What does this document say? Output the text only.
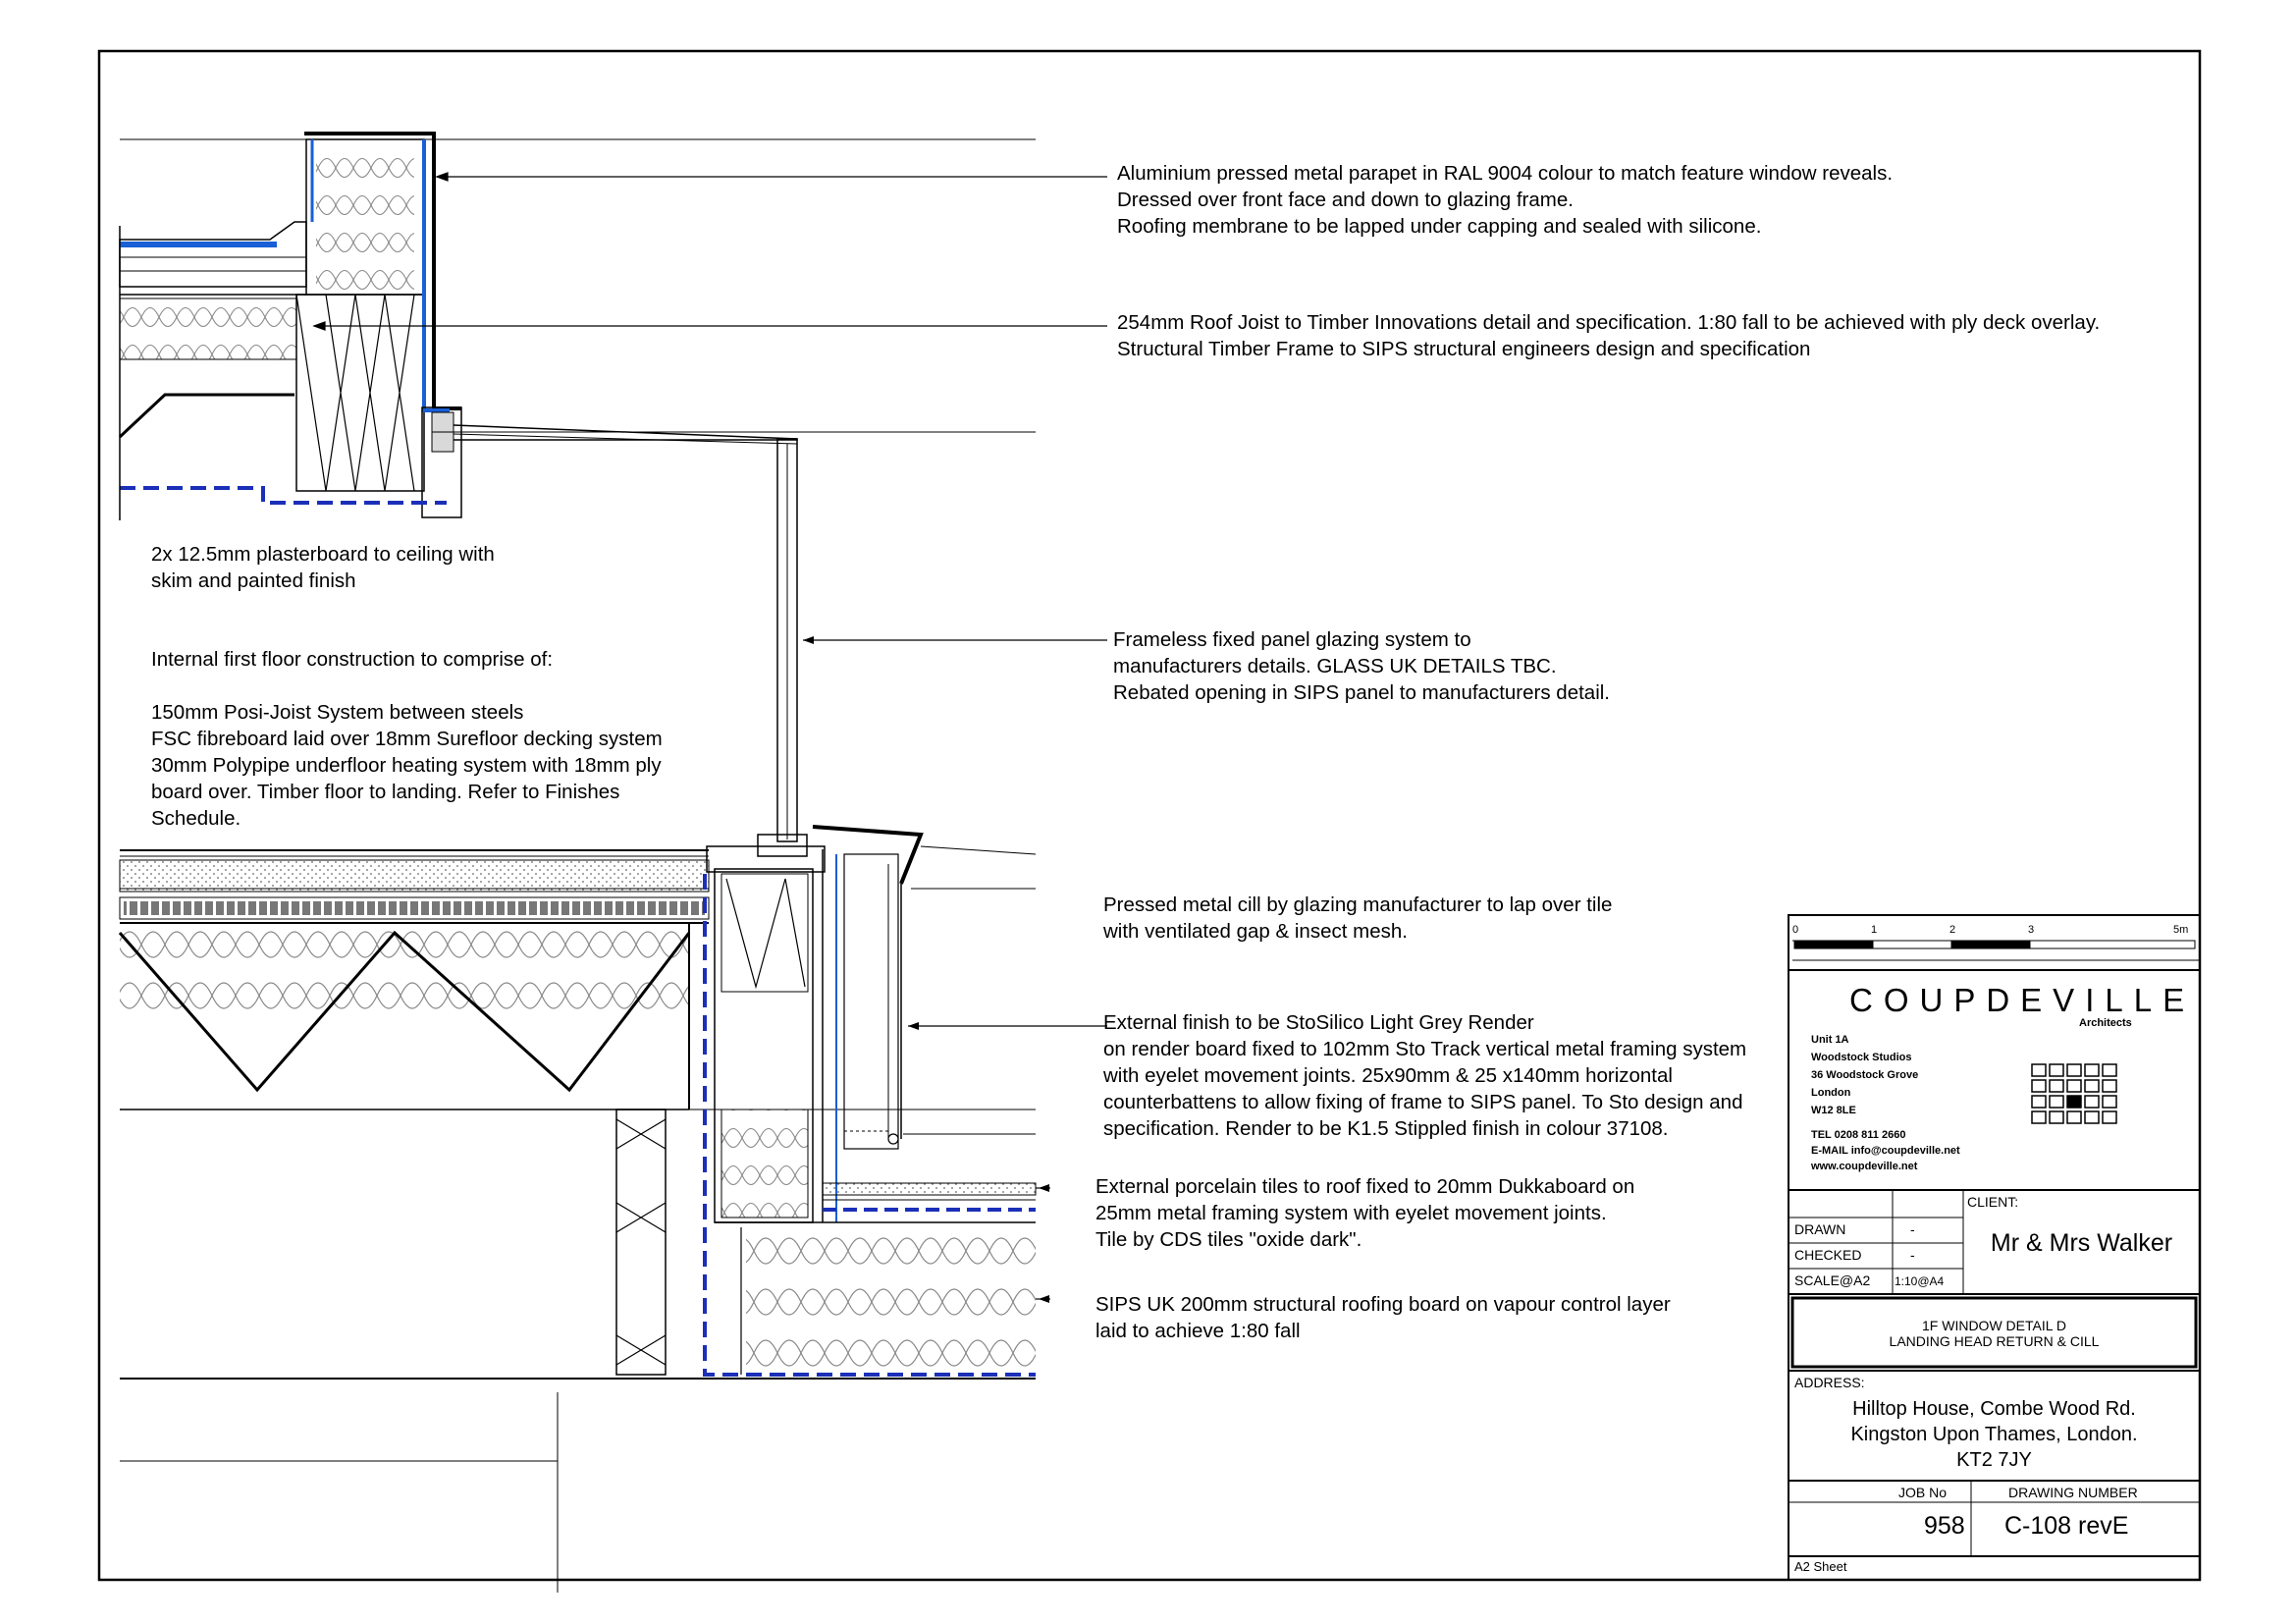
Aluminium pressed metal parapet in RAL 9004 colour to match feature window reveals.
Dressed over front face and down to glazing frame.
Roofing membrane to be lapped under capping and sealed with silicone.
254mm Roof Joist to Timber Innovations detail and specification. 1:80 fall to be achieved with ply deck overlay.
Structural Timber Frame to SIPS structural engineers design and specification
2x 12.5mm plasterboard to ceiling with
skim and painted finish
Internal first floor construction to comprise of:

150mm Posi-Joist System between steels
FSC fibreboard laid over 18mm Surefloor decking system
30mm Polypipe underfloor heating system with 18mm ply
board over. Timber floor to landing. Refer to Finishes
Schedule.
Frameless fixed panel glazing system to
manufacturers details. GLASS UK DETAILS TBC.
Rebated opening in SIPS panel to manufacturers detail.
Pressed metal cill by glazing manufacturer to lap over tile
with ventilated gap & insect mesh.
External finish to be StoSilico Light Grey Render
on render board fixed to 102mm Sto Track vertical metal framing system
with eyelet movement joints. 25x90mm & 25 x140mm horizontal
counterbattens to allow fixing of frame to SIPS panel. To Sto design and
specification. Render to be K1.5 Stippled finish in colour 37108.
External porcelain tiles to roof fixed to 20mm Dukkaboard on
25mm metal framing system with eyelet movement joints.
Tile by CDS tiles "oxide dark".
SIPS UK 200mm structural roofing board on vapour control layer
laid to achieve 1:80 fall
0	1	2	3	5m
COUPDEVILLE
Architects
Unit 1A
Woodstock Studios
36 Woodstock Grove
London
W12 8LE
TEL 0208 811 2660
E-MAIL info@coupdeville.net
www.coupdeville.net
CLIENT:
Mr & Mrs Walker
DRAWN	-
CHECKED	-
SCALE@A2 1:10@A4
1F WINDOW DETAIL D
LANDING HEAD RETURN & CILL
ADDRESS:
Hilltop House, Combe Wood Rd.
Kingston Upon Thames, London.
KT2 7JY
JOB No	DRAWING NUMBER
958 C-108 revE
A2 Sheet
